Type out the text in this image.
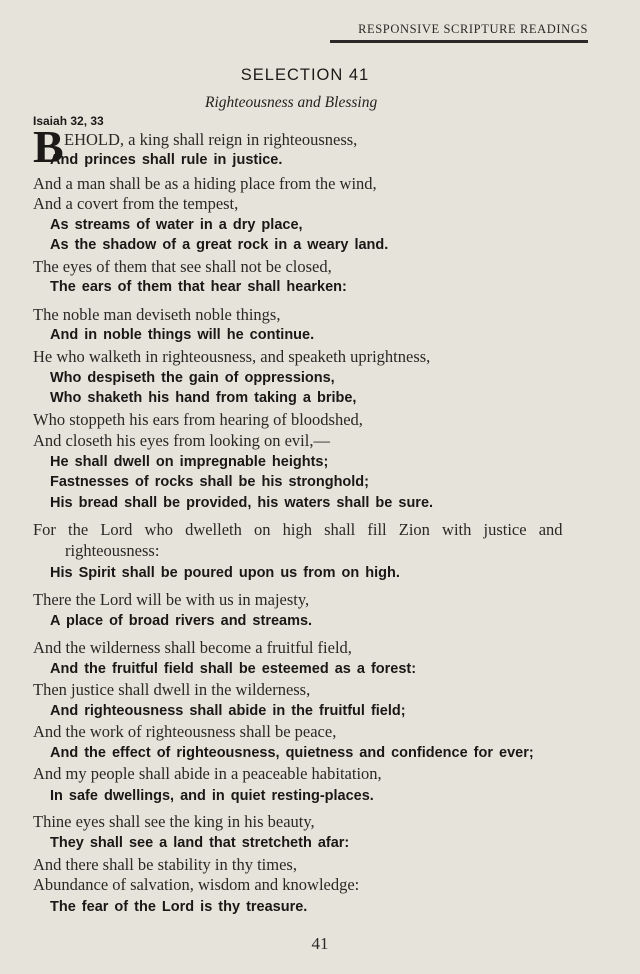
RESPONSIVE SCRIPTURE READINGS
SELECTION 41
Righteousness and Blessing
Isaiah 32, 33
B EHOLD, a king shall reign in righteousness,
And princes shall rule in justice.
And a man shall be as a hiding place from the wind,
And a covert from the tempest,
As streams of water in a dry place,
As the shadow of a great rock in a weary land.
The eyes of them that see shall not be closed,
The ears of them that hear shall hearken:
The noble man deviseth noble things,
And in noble things will he continue.
He who walketh in righteousness, and speaketh uprightness,
Who despiseth the gain of oppressions,
Who shaketh his hand from taking a bribe,
Who stoppeth his ears from hearing of bloodshed,
And closeth his eyes from looking on evil,—
He shall dwell on impregnable heights;
Fastnesses of rocks shall be his stronghold;
His bread shall be provided, his waters shall be sure.
For the Lord who dwelleth on high shall fill Zion with justice and
righteousness:
His Spirit shall be poured upon us from on high.
There the Lord will be with us in majesty,
A place of broad rivers and streams.
And the wilderness shall become a fruitful field,
And the fruitful field shall be esteemed as a forest:
Then justice shall dwell in the wilderness,
And righteousness shall abide in the fruitful field;
And the work of righteousness shall be peace,
And the effect of righteousness, quietness and confidence for ever;
And my people shall abide in a peaceable habitation,
In safe dwellings, and in quiet resting-places.
Thine eyes shall see the king in his beauty,
They shall see a land that stretcheth afar:
And there shall be stability in thy times,
Abundance of salvation, wisdom and knowledge:
The fear of the Lord is thy treasure.
41
